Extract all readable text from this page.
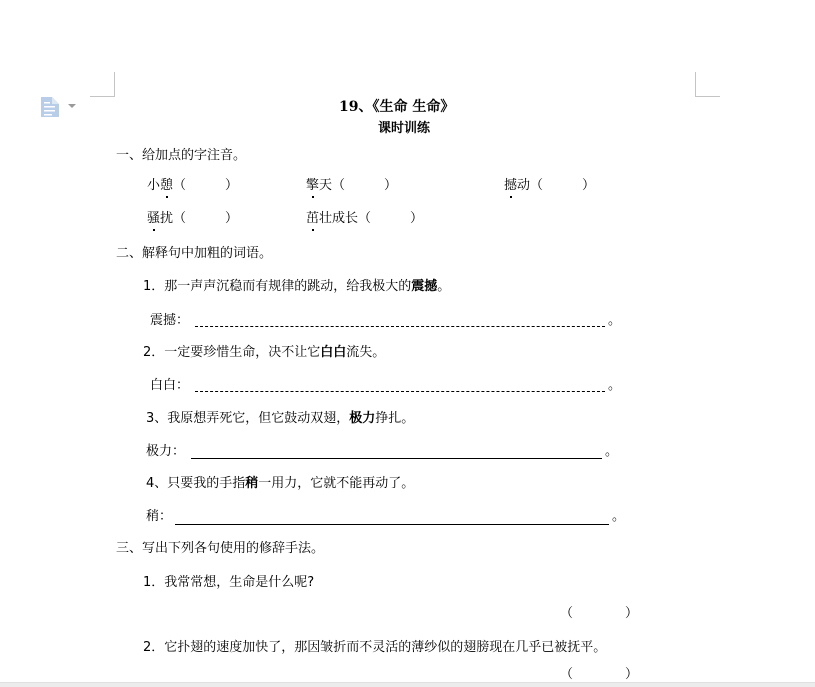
19、《生命 生命》
课时训练
一、给加点的字注音。
小憩（　　　）	擎天（　　　）	撼动（　　　）
骚扰（　　　）	茁壮成长（　　　）
二、解释句中加粗的词语。
1．那一声声沉稳而有规律的跳动，给我极大的震撼。
震撼：	。
2．一定要珍惜生命，决不让它白白流失。
白白：	。
3、我原想弄死它，但它鼓动双翅，极力挣扎。
极力：	。
4、只要我的手指稍一用力，它就不能再动了。
稍：	。
三、写出下列各句使用的修辞手法。
1．我常常想，生命是什么呢?
（　　　　）
2．它扑翅的速度加快了，那因皱折而不灵活的薄纱似的翅膀现在几乎已被抚平。
（　　　　）
